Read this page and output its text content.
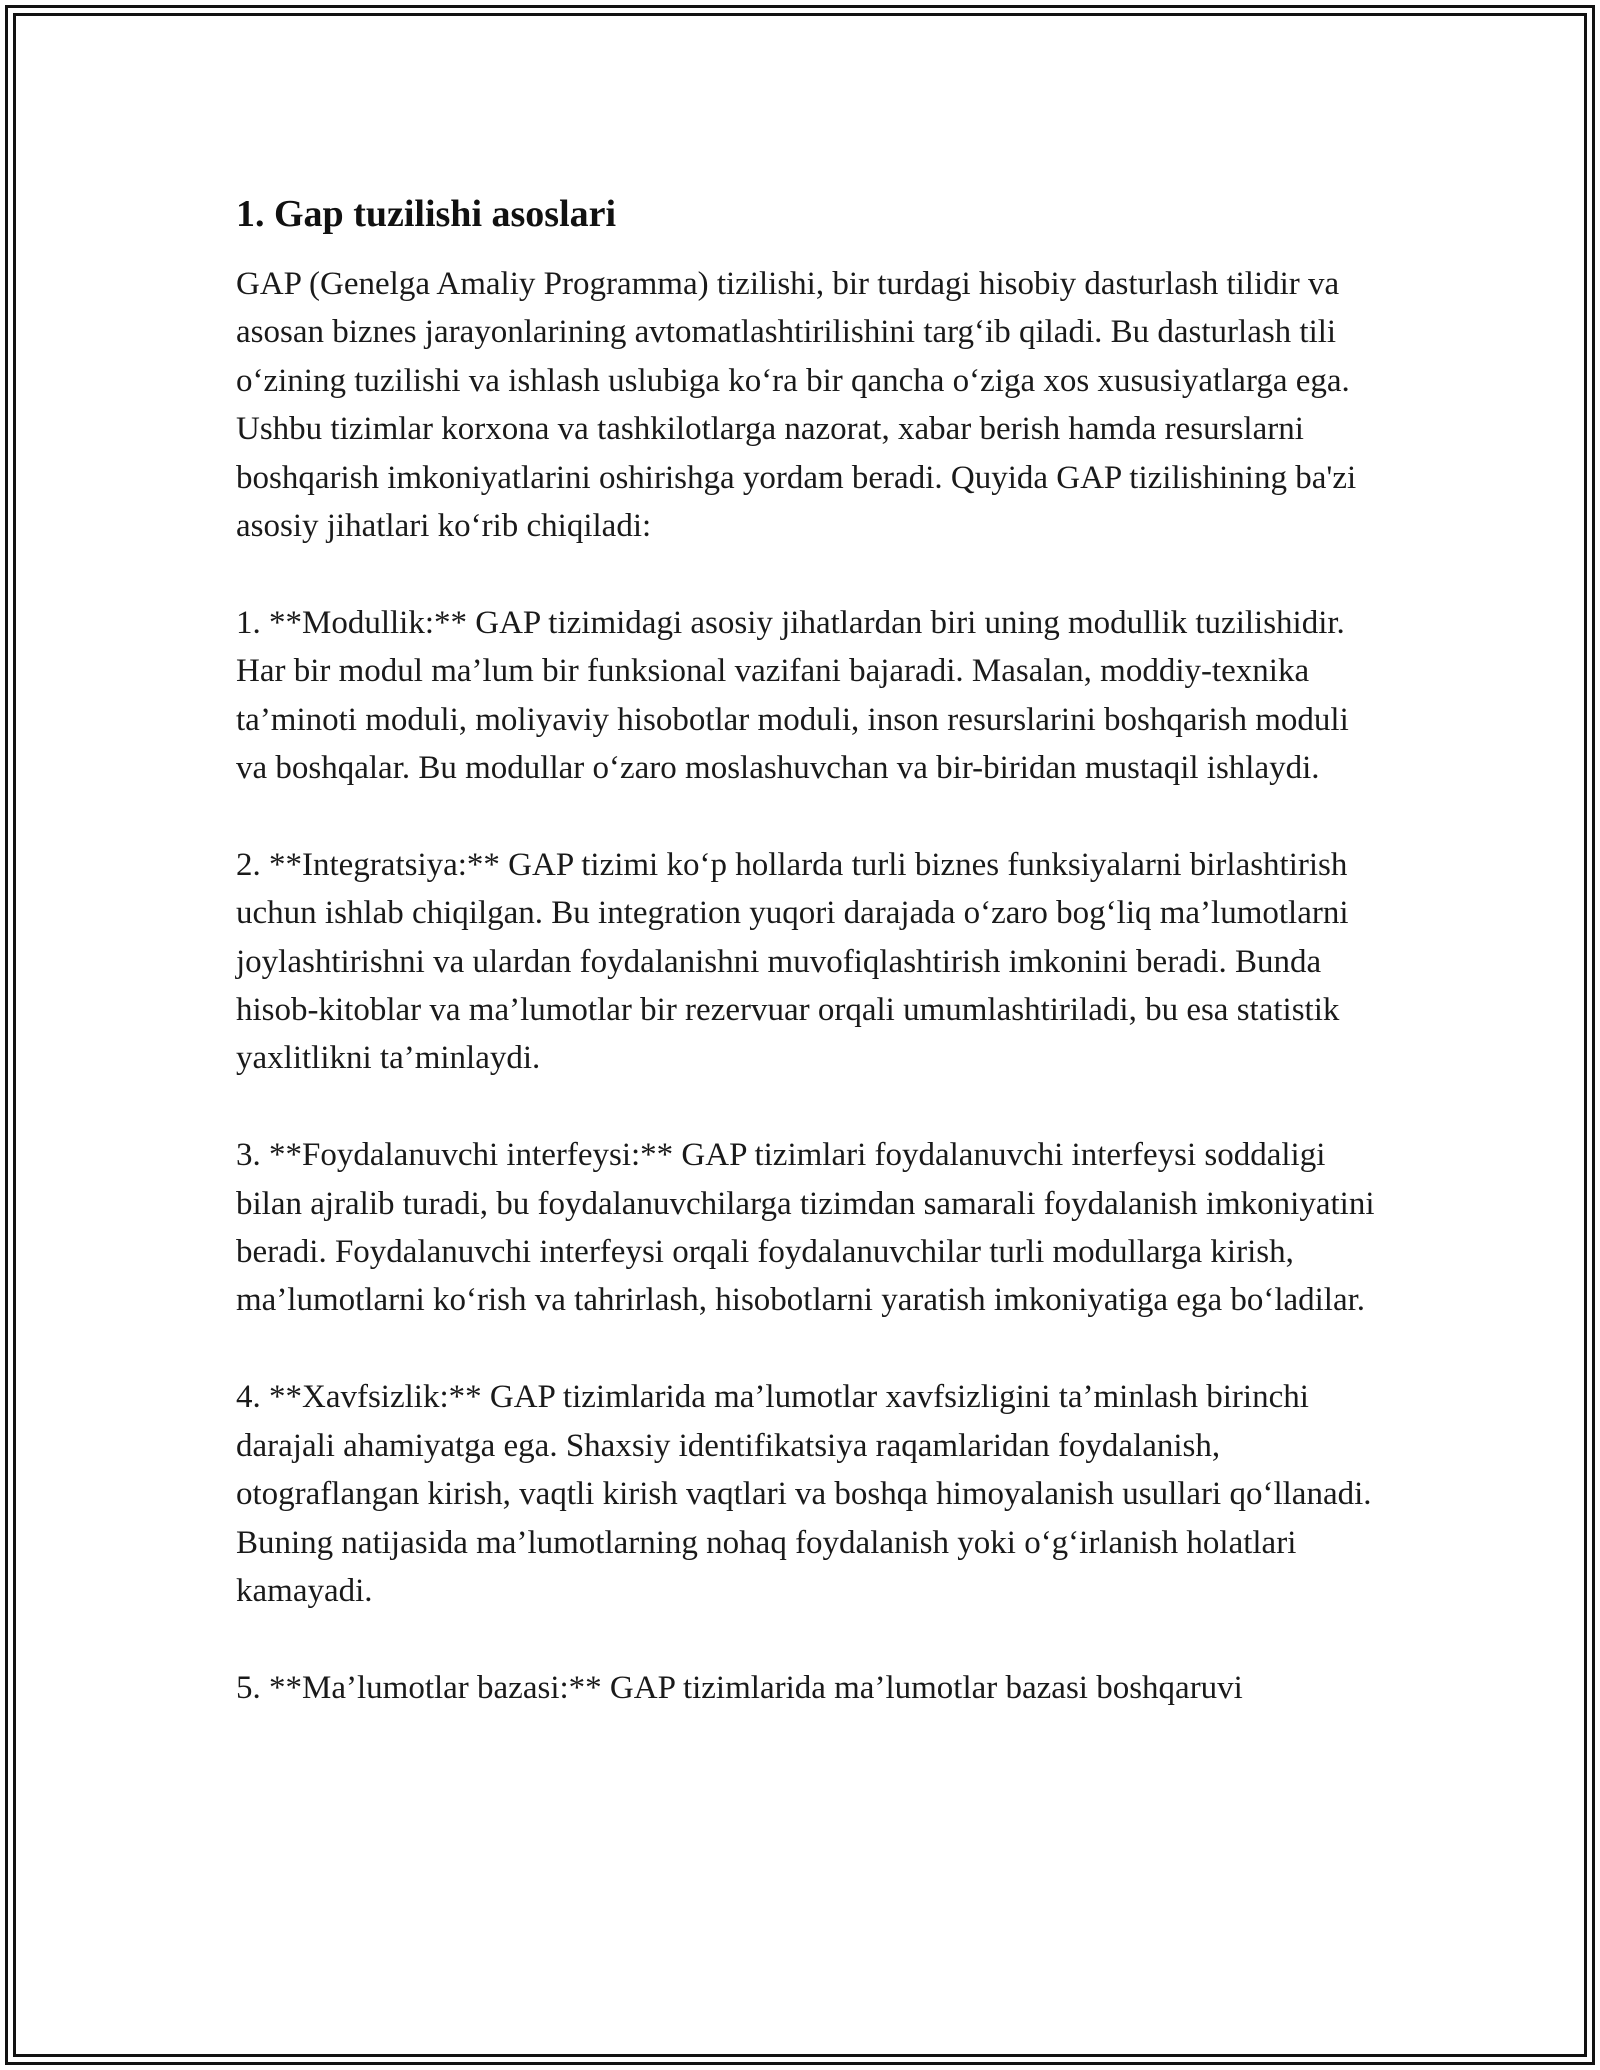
1. Gap tuzilishi asoslari

GAP (Genelga Amaliy Programma) tizilishi, bir turdagi hisobiy dasturlash tilidir va asosan biznes jarayonlarining avtomatlashtirilishini targ‘ib qiladi. Bu dasturlash tili o‘zining tuzilishi va ishlash uslubiga ko‘ra bir qancha o‘ziga xos xususiyatlarga ega. Ushbu tizimlar korxona va tashkilotlarga nazorat, xabar berish hamda resurslarni boshqarish imkoniyatlarini oshirishga yordam beradi. Quyida GAP tizilishining ba'zi asosiy jihatlari ko‘rib chiqiladi:

1. **Modullik:** GAP tizimidagi asosiy jihatlardan biri uning modullik tuzilishidir. Har bir modul ma’lum bir funksional vazifani bajaradi. Masalan, moddiy-texnika ta’minoti moduli, moliyaviy hisobotlar moduli, inson resurslarini boshqarish moduli va boshqalar. Bu modullar o‘zaro moslashuvchan va bir-biridan mustaqil ishlaydi.

2. **Integratsiya:** GAP tizimi ko‘p hollarda turli biznes funksiyalarni birlashtirish uchun ishlab chiqilgan. Bu integration yuqori darajada o‘zaro bog‘liq ma’lumotlarni joylashtirishni va ulardan foydalanishni muvofiqlashtirish imkonini beradi. Bunda hisob-kitoblar va ma’lumotlar bir rezervuar orqali umumlashtiriladi, bu esa statistik yaxlitlikni ta’minlaydi.

3. **Foydalanuvchi interfeysi:** GAP tizimlari foydalanuvchi interfeysi soddaligi bilan ajralib turadi, bu foydalanuvchilarga tizimdan samarali foydalanish imkoniyatini beradi. Foydalanuvchi interfeysi orqali foydalanuvchilar turli modullarga kirish, ma’lumotlarni ko‘rish va tahrirlash, hisobotlarni yaratish imkoniyatiga ega bo‘ladilar.

4. **Xavfsizlik:** GAP tizimlarida ma’lumotlar xavfsizligini ta’minlash birinchi darajali ahamiyatga ega. Shaxsiy identifikatsiya raqamlaridan foydalanish, otograflangan kirish, vaqtli kirish vaqtlari va boshqa himoyalanish usullari qo‘llanadi. Buning natijasida ma’lumotlarning nohaq foydalanish yoki o‘g‘irlanish holatlari kamayadi.

5. **Ma’lumotlar bazasi:** GAP tizimlarida ma’lumotlar bazasi boshqaruvi
